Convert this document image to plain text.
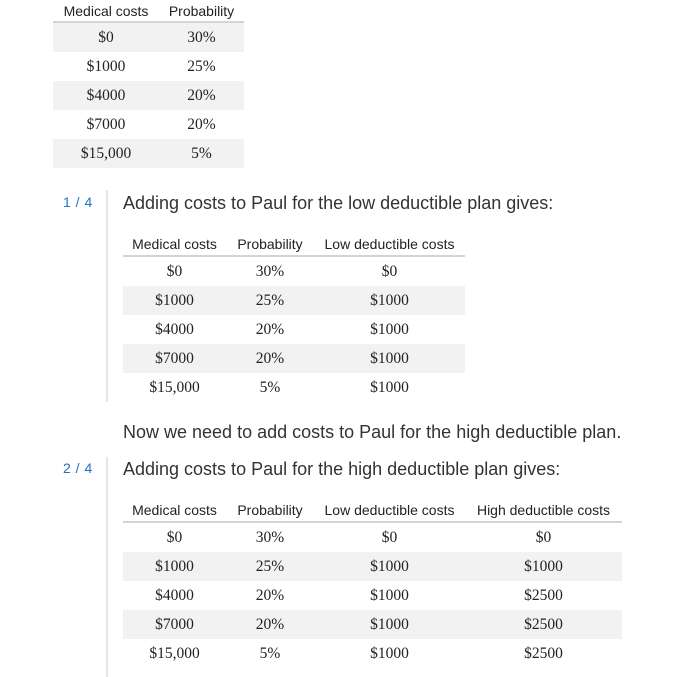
Medical costs	Probability
$0	30%
$1000	25%
$4000	20%
$7000	20%
$15,000	5%
1 / 4 Adding costs to Paul for the low deductible plan gives:
Medical costs	Probability	Low deductible costs
$0	30%	$0
$1000	25%	$1000
$4000	20%	$1000
$7000	20%	$1000
$15,000	5%	$1000
Now we need to add costs to Paul for the high deductible plan.
2 / 4 Adding costs to Paul for the high deductible plan gives:
Medical costs	Probability	Low deductible costs	High deductible costs
$0	30%	$0	$0
$1000	25%	$1000	$1000
$4000	20%	$1000	$2500
$7000	20%	$1000	$2500
$15,000	5%	$1000	$2500
